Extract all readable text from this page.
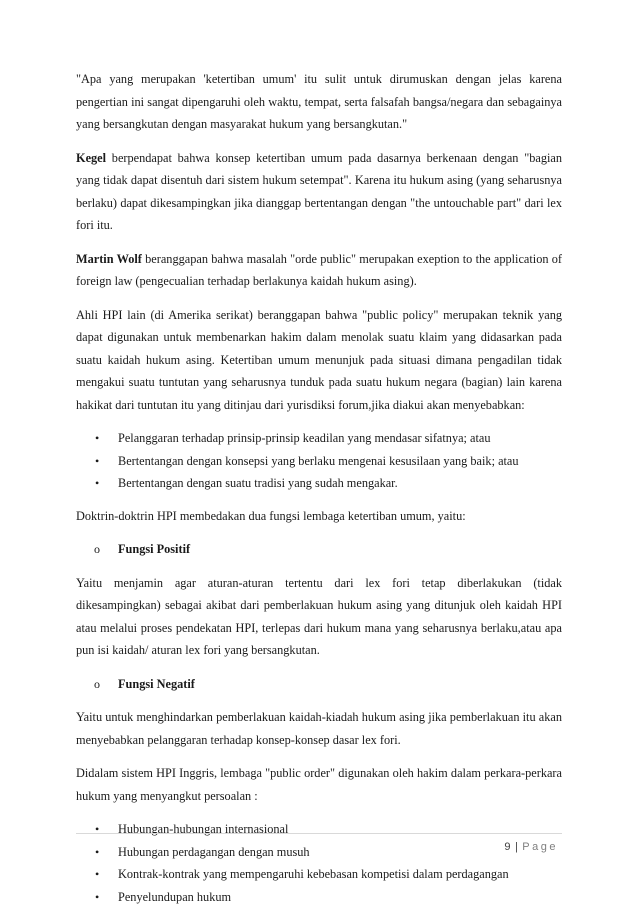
"Apa yang merupakan 'ketertiban umum' itu sulit untuk dirumuskan dengan jelas karena pengertian ini sangat dipengaruhi oleh waktu, tempat, serta falsafah bangsa/negara dan sebagainya yang bersangkutan dengan masyarakat hukum yang bersangkutan."

Kegel berpendapat bahwa konsep ketertiban umum pada dasarnya berkenaan dengan "bagian yang tidak dapat disentuh dari sistem hukum setempat". Karena itu hukum asing (yang seharusnya berlaku) dapat dikesampingkan jika dianggap bertentangan dengan "the untouchable part" dari lex fori itu.

Martin Wolf beranggapan bahwa masalah "orde public" merupakan exeption to the application of foreign law (pengecualian terhadap berlakunya kaidah hukum asing).

Ahli HPI lain (di Amerika serikat) beranggapan bahwa "public policy" merupakan teknik yang dapat digunakan untuk membenarkan hakim dalam menolak suatu klaim yang didasarkan pada suatu kaidah hukum asing. Ketertiban umum menunjuk pada situasi dimana pengadilan tidak mengakui suatu tuntutan yang seharusnya tunduk pada suatu hukum negara (bagian) lain karena hakikat dari tuntutan itu yang ditinjau dari yurisdiksi forum,jika diakui akan menyebabkan:

• Pelanggaran terhadap prinsip-prinsip keadilan yang mendasar sifatnya; atau
• Bertentangan dengan konsepsi yang berlaku mengenai kesusilaan yang baik; atau
• Bertentangan dengan suatu tradisi yang sudah mengakar.

Doktrin-doktrin HPI membedakan dua fungsi lembaga ketertiban umum, yaitu:

o Fungsi Positif

Yaitu menjamin agar aturan-aturan tertentu dari lex fori tetap diberlakukan (tidak dikesampingkan) sebagai akibat dari pemberlakuan hukum asing yang ditunjuk oleh kaidah HPI atau melalui proses pendekatan HPI, terlepas dari hukum mana yang seharusnya berlaku,atau apa pun isi kaidah/ aturan lex fori yang bersangkutan.

o Fungsi Negatif

Yaitu untuk menghindarkan pemberlakuan kaidah-kiadah hukum asing jika pemberlakuan itu akan menyebabkan pelanggaran terhadap konsep-konsep dasar lex fori.

Didalam sistem HPI Inggris, lembaga "public order" digunakan oleh hakim dalam perkara-perkara hukum yang menyangkut persoalan :

• Hubungan-hubungan internasional
• Hubungan perdagangan dengan musuh
• Kontrak-kontrak yang mempengaruhi kebebasan kompetisi dalam perdagangan
• Penyelundupan hukum
9 | Page
